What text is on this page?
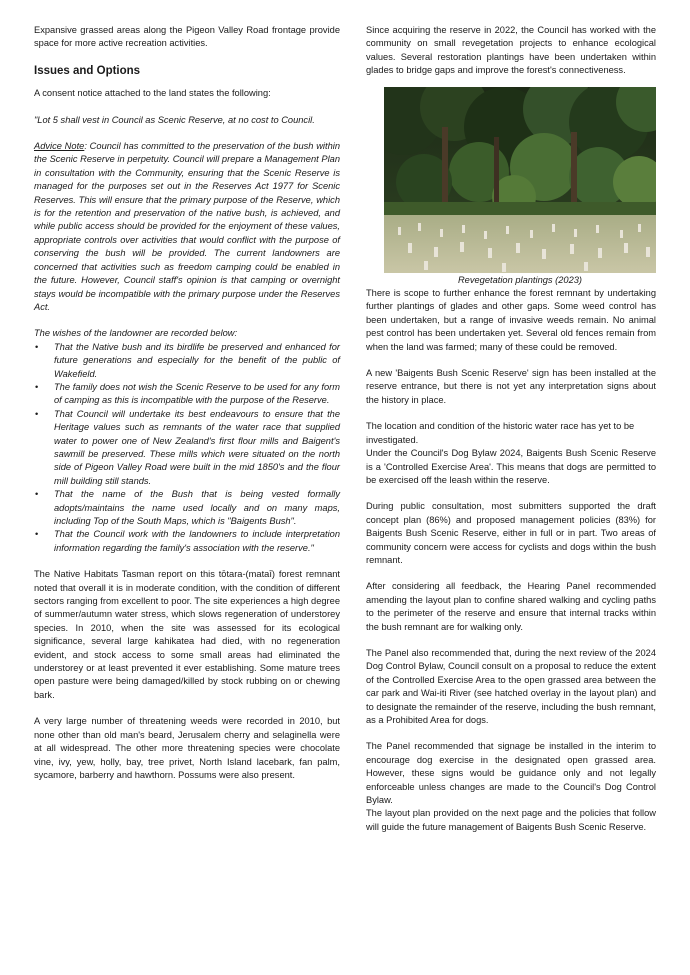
Expansive grassed areas along the Pigeon Valley Road frontage provide space for more active recreation activities.

Issues and Options

A consent notice attached to the land states the following:

"Lot 5 shall vest in Council as Scenic Reserve, at no cost to Council.

Advice Note: Council has committed to the preservation of the bush within the Scenic Reserve in perpetuity. Council will prepare a Management Plan in consultation with the Community, ensuring that the Scenic Reserve is managed for the purposes set out in the Reserves Act 1977 for Scenic Reserves. This will ensure that the primary purpose of the Reserve, which is for the retention and preservation of the native bush, is achieved, and while public access should be provided for the enjoyment of these values, appropriate controls over activities that would conflict with the purpose of conserving the bush will be provided. The current landowners are concerned that activities such as freedom camping could be enabled in the future. However, Council staff's opinion is that camping or overnight stays would be incompatible with the primary purpose under the Reserves Act.

The wishes of the landowner are recorded below:

• That the Native bush and its birdlife be preserved and enhanced for future generations and especially for the benefit of the public of Wakefield.
• The family does not wish the Scenic Reserve to be used for any form of camping as this is incompatible with the purpose of the Reserve.
• That Council will undertake its best endeavours to ensure that the Heritage values such as remnants of the water race that supplied water to power one of New Zealand's first flour mills and Baigent's sawmill be preserved. These mills which were situated on the north side of Pigeon Valley Road were built in the mid 1850's and the flour mill building still stands.
• That the name of the Bush that is being vested formally adopts/maintains the name used locally and on many maps, including Top of the South Maps, which is "Baigents Bush".
• That the Council work with the landowners to include interpretation information regarding the family's association with the reserve."

The Native Habitats Tasman report on this tōtara-(mataī) forest remnant noted that overall it is in moderate condition, with the condition of different sectors ranging from excellent to poor. The site experiences a high degree of summer/autumn water stress, which slows regeneration of understorey species. In 2010, when the site was assessed for its ecological significance, several large kahikatea had died, with no regeneration evident, and stock access to some small areas had eliminated the understorey or at least prevented it ever establishing. Some mature trees open pasture were being damaged/killed by stock rubbing on or chewing bark.

A very large number of threatening weeds were recorded in 2010, but none other than old man's beard, Jerusalem cherry and selaginella were at all widespread. The other more threatening species were chocolate vine, ivy, yew, holly, bay, tree privet, North Island lacebark, fan palm, sycamore, barberry and hawthorn. Possums were also present.

Since acquiring the reserve in 2022, the Council has worked with the community on small revegetation projects to enhance ecological values. Several restoration plantings have been undertaken within glades to bridge gaps and improve the forest's connectiveness.

Revegetation plantings (2023)

There is scope to further enhance the forest remnant by undertaking further plantings of glades and other gaps. Some weed control has been undertaken, but a range of invasive weeds remain. No animal pest control has been undertaken yet. Several old fences remain from when the land was farmed; many of these could be removed.

A new 'Baigents Bush Scenic Reserve' sign has been installed at the reserve entrance, but there is not yet any interpretation signs about the history in place.

The location and condition of the historic water race has yet to be investigated.

Under the Council's Dog Bylaw 2024, Baigents Bush Scenic Reserve is a 'Controlled Exercise Area'. This means that dogs are permitted to be exercised off the leash within the reserve.

During public consultation, most submitters supported the draft concept plan (86%) and proposed management policies (83%) for Baigents Bush Scenic Reserve, either in full or in part. Two areas of community concern were access for cyclists and dogs within the bush remnant.

After considering all feedback, the Hearing Panel recommended amending the layout plan to confine shared walking and cycling paths to the perimeter of the reserve and ensure that internal tracks within the bush remnant are for walking only.

The Panel also recommended that, during the next review of the 2024 Dog Control Bylaw, Council consult on a proposal to reduce the extent of the Controlled Exercise Area to the open grassed area between the car park and Wai-iti River (see hatched overlay in the layout plan) and to designate the remainder of the reserve, including the bush remnant, as a Prohibited Area for dogs.

The Panel recommended that signage be installed in the interim to encourage dog exercise in the designated open grassed area. However, these signs would be guidance only and not legally enforceable unless changes are made to the Council's Dog Control Bylaw.

The layout plan provided on the next page and the policies that follow will guide the future management of Baigents Bush Scenic Reserve.
